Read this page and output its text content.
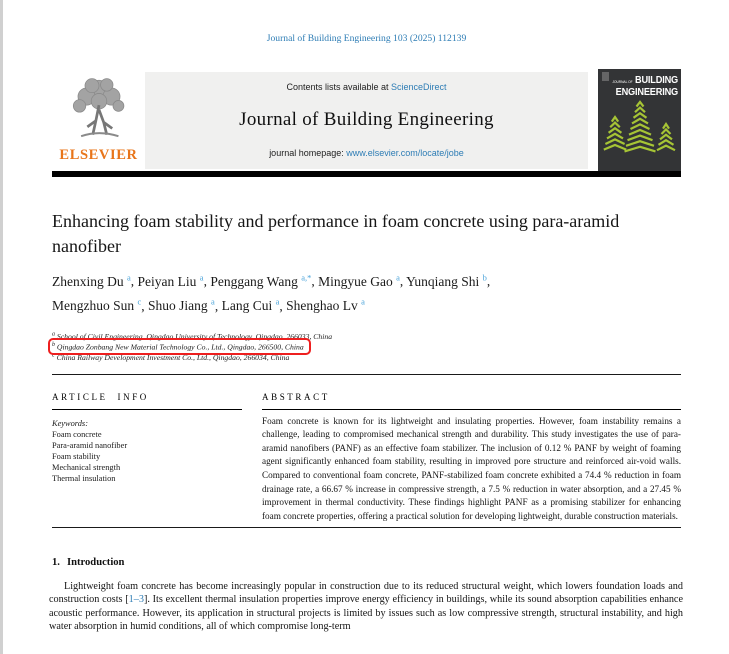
Journal of Building Engineering 103 (2025) 112139
ELSEVIER
Contents lists available at ScienceDirect
Journal of Building Engineering
journal homepage: www.elsevier.com/locate/jobe
JOURNAL OF BUILDING
ENGINEERING
Enhancing foam stability and performance in foam concrete using para-aramid nanofiber
Zhenxing Du $^a$, Peiyan Liu $^a$, Penggang Wang $^{a,*}$, Mingyue Gao $^a$, Yunqiang Shi $^b$,
Mengzhuo Sun $^c$, Shuo Jiang $^a$, Lang Cui $^a$, Shenghao Lv $^a$
$^a$ School of Civil Engineering, Qingdao University of Technology, Qingdao, 266033, China
$^b$ Qingdao Zonbang New Material Technology Co., Ltd., Qingdao, 266500, China
$^c$ China Railway Development Investment Co., Ltd., Qingdao, 266034, China
ARTICLE INFO
Keywords:
Foam concrete
Para-aramid nanofiber
Foam stability
Mechanical strength
Thermal insulation
ABSTRACT

Foam concrete is known for its lightweight and insulating properties. However, foam instability remains a challenge, leading to compromised mechanical strength and durability. This study investigates the use of para-aramid nanofibers (PANF) as an effective foam stabilizer. The inclusion of 0.12 % PANF by weight of foaming agent significantly enhanced foam stability, resulting in improved pore structure and reinforced air-void walls. Compared to conventional foam concrete, PANF-stabilized foam concrete exhibited a 74.4 % reduction in foam drainage rate, a 66.67 % increase in compressive strength, a 7.5 % reduction in water absorption, and a 27.45 % improvement in thermal conductivity. These findings highlight PANF as a promising stabilizer for enhancing foam concrete properties, offering a practical solution for developing lightweight, durable construction materials.

1. Introduction

Lightweight foam concrete has become increasingly popular in construction due to its reduced structural weight, which lowers foundation loads and construction costs [1–3]. Its excellent thermal insulation properties improve energy efficiency in buildings, while its sound absorption capabilities enhance acoustic performance. However, its application in structural projects is limited by issues such as low compressive strength, structural instability, and high water absorption in humid conditions, all of which compromise long-term
